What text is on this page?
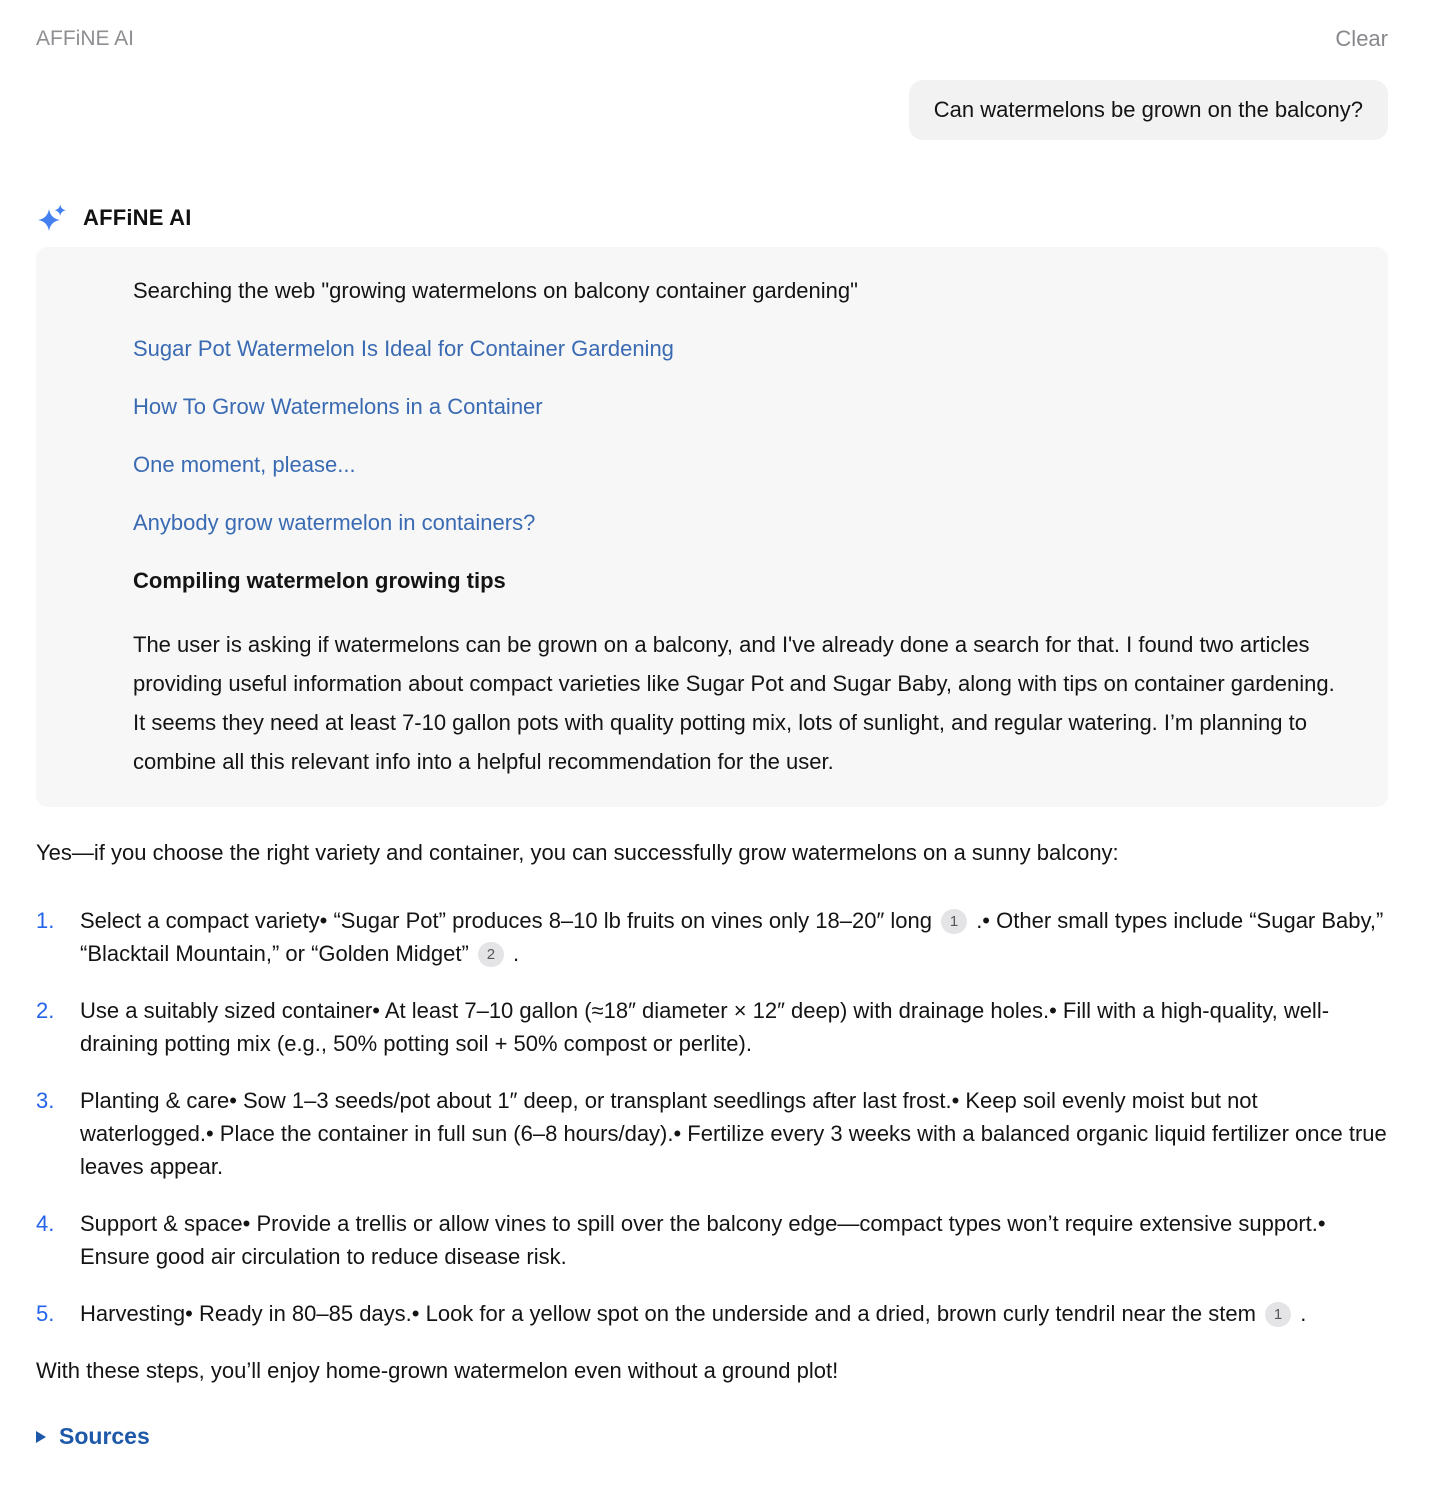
AFFiNE AI	Clear
Can watermelons be grown on the balcony?
AFFiNE AI
Searching the web "growing watermelons on balcony container gardening"
Sugar Pot Watermelon Is Ideal for Container Gardening
How To Grow Watermelons in a Container
One moment, please...
Anybody grow watermelon in containers?
Compiling watermelon growing tips
The user is asking if watermelons can be grown on a balcony, and I've already done a search for that. I found two articles providing useful information about compact varieties like Sugar Pot and Sugar Baby, along with tips on container gardening. It seems they need at least 7-10 gallon pots with quality potting mix, lots of sunlight, and regular watering. I’m planning to combine all this relevant info into a helpful recommendation for the user.
Yes—if you choose the right variety and container, you can successfully grow watermelons on a sunny balcony:
1.	Select a compact variety• “Sugar Pot” produces 8–10 lb fruits on vines only 18–20″ long 1 .• Other small types include “Sugar Baby,” “Blacktail Mountain,” or “Golden Midget” 2 .
2.	Use a suitably sized container• At least 7–10 gallon (≈18″ diameter × 12″ deep) with drainage holes.• Fill with a high-quality, well-draining potting mix (e.g., 50% potting soil + 50% compost or perlite).
3.	Planting & care• Sow 1–3 seeds/pot about 1″ deep, or transplant seedlings after last frost.• Keep soil evenly moist but not waterlogged.• Place the container in full sun (6–8 hours/day).• Fertilize every 3 weeks with a balanced organic liquid fertilizer once true leaves appear.
4.	Support & space• Provide a trellis or allow vines to spill over the balcony edge—compact types won’t require extensive support.• Ensure good air circulation to reduce disease risk.
5.	Harvesting• Ready in 80–85 days.• Look for a yellow spot on the underside and a dried, brown curly tendril near the stem 1 .
With these steps, you’ll enjoy home-grown watermelon even without a ground plot!
Sources
